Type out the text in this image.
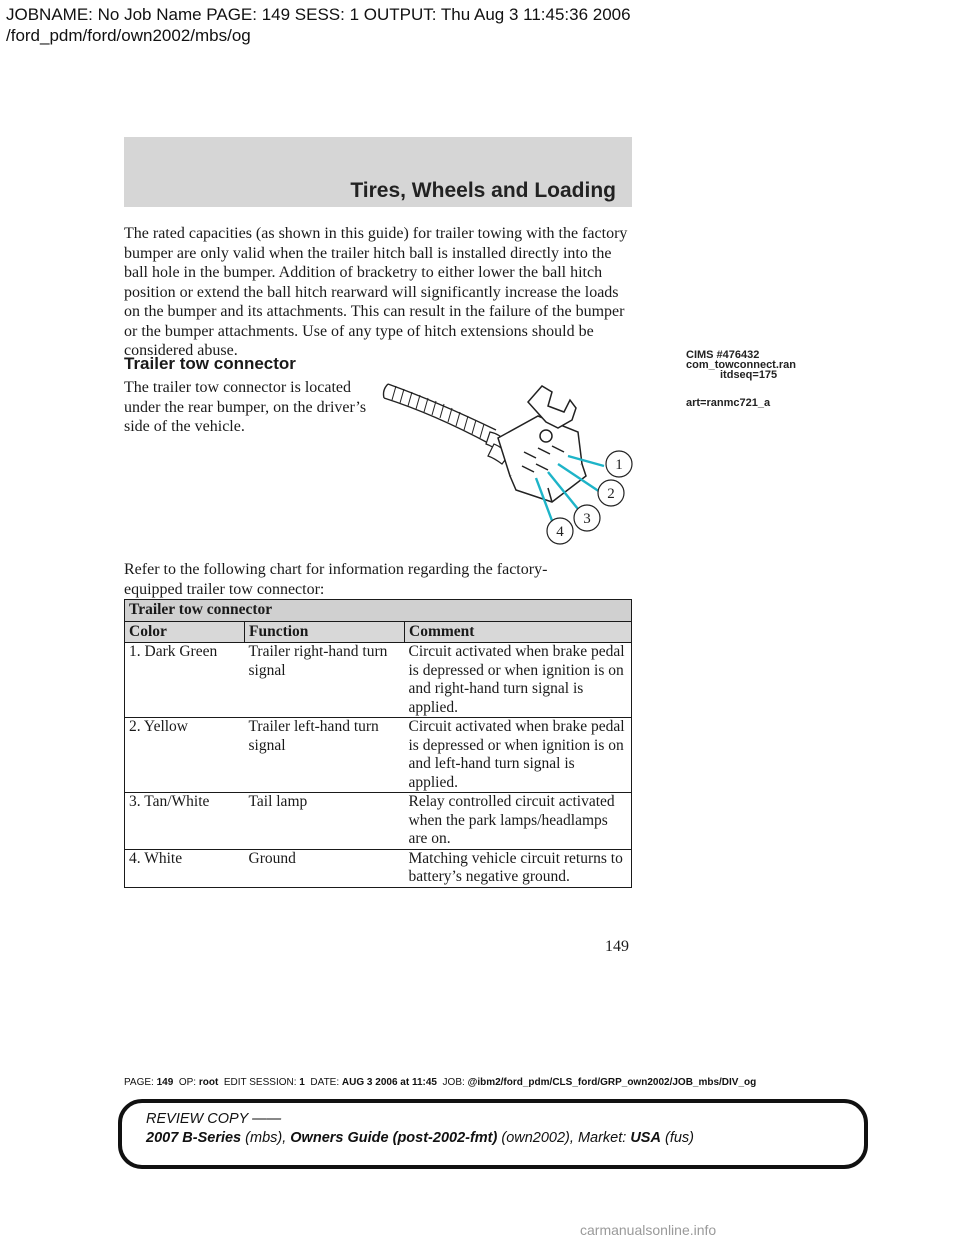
JOBNAME: No Job Name PAGE: 149 SESS: 1 OUTPUT: Thu Aug 3 11:45:36 2006
/ford_pdm/ford/own2002/mbs/og
Tires, Wheels and Loading

The rated capacities (as shown in this guide) for trailer towing with the factory bumper are only valid when the trailer hitch ball is installed directly into the ball hole in the bumper. Addition of bracketry to either lower the ball hitch position or extend the ball hitch rearward will significantly increase the loads on the bumper and its attachments. This can result in the failure of the bumper or the bumper attachments. Use of any type of hitch extensions should be considered abuse.

Trailer tow connector

The trailer tow connector is located under the rear bumper, on the driver’s side of the vehicle.

CIMS #476432
com_towconnect.ran
itdseq=175
art=ranmc721_a
1
2
3
4

Refer to the following chart for information regarding the factory-equipped trailer tow connector:

Trailer tow connector		
Color	Function	Comment
1. Dark Green	Trailer right-hand turn signal	Circuit activated when brake pedal is depressed or when ignition is on and right-hand turn signal is applied.
2. Yellow	Trailer left-hand turn signal	Circuit activated when brake pedal is depressed or when ignition is on and left-hand turn signal is applied.
3. Tan/White	Tail lamp	Relay controlled circuit activated when the park lamps/headlamps are on.
4. White	Ground	Matching vehicle circuit returns to battery’s negative ground.
149
PAGE: 149 OP: root EDIT SESSION: 1 DATE: AUG 3 2006 at 11:45 JOB: @ibm2/ford_pdm/CLS_ford/GRP_own2002/JOB_mbs/DIV_og
REVIEW COPY ——
2007 B-Series (mbs), Owners Guide (post-2002-fmt) (own2002), Market: USA (fus)
carmanualsonline.info
